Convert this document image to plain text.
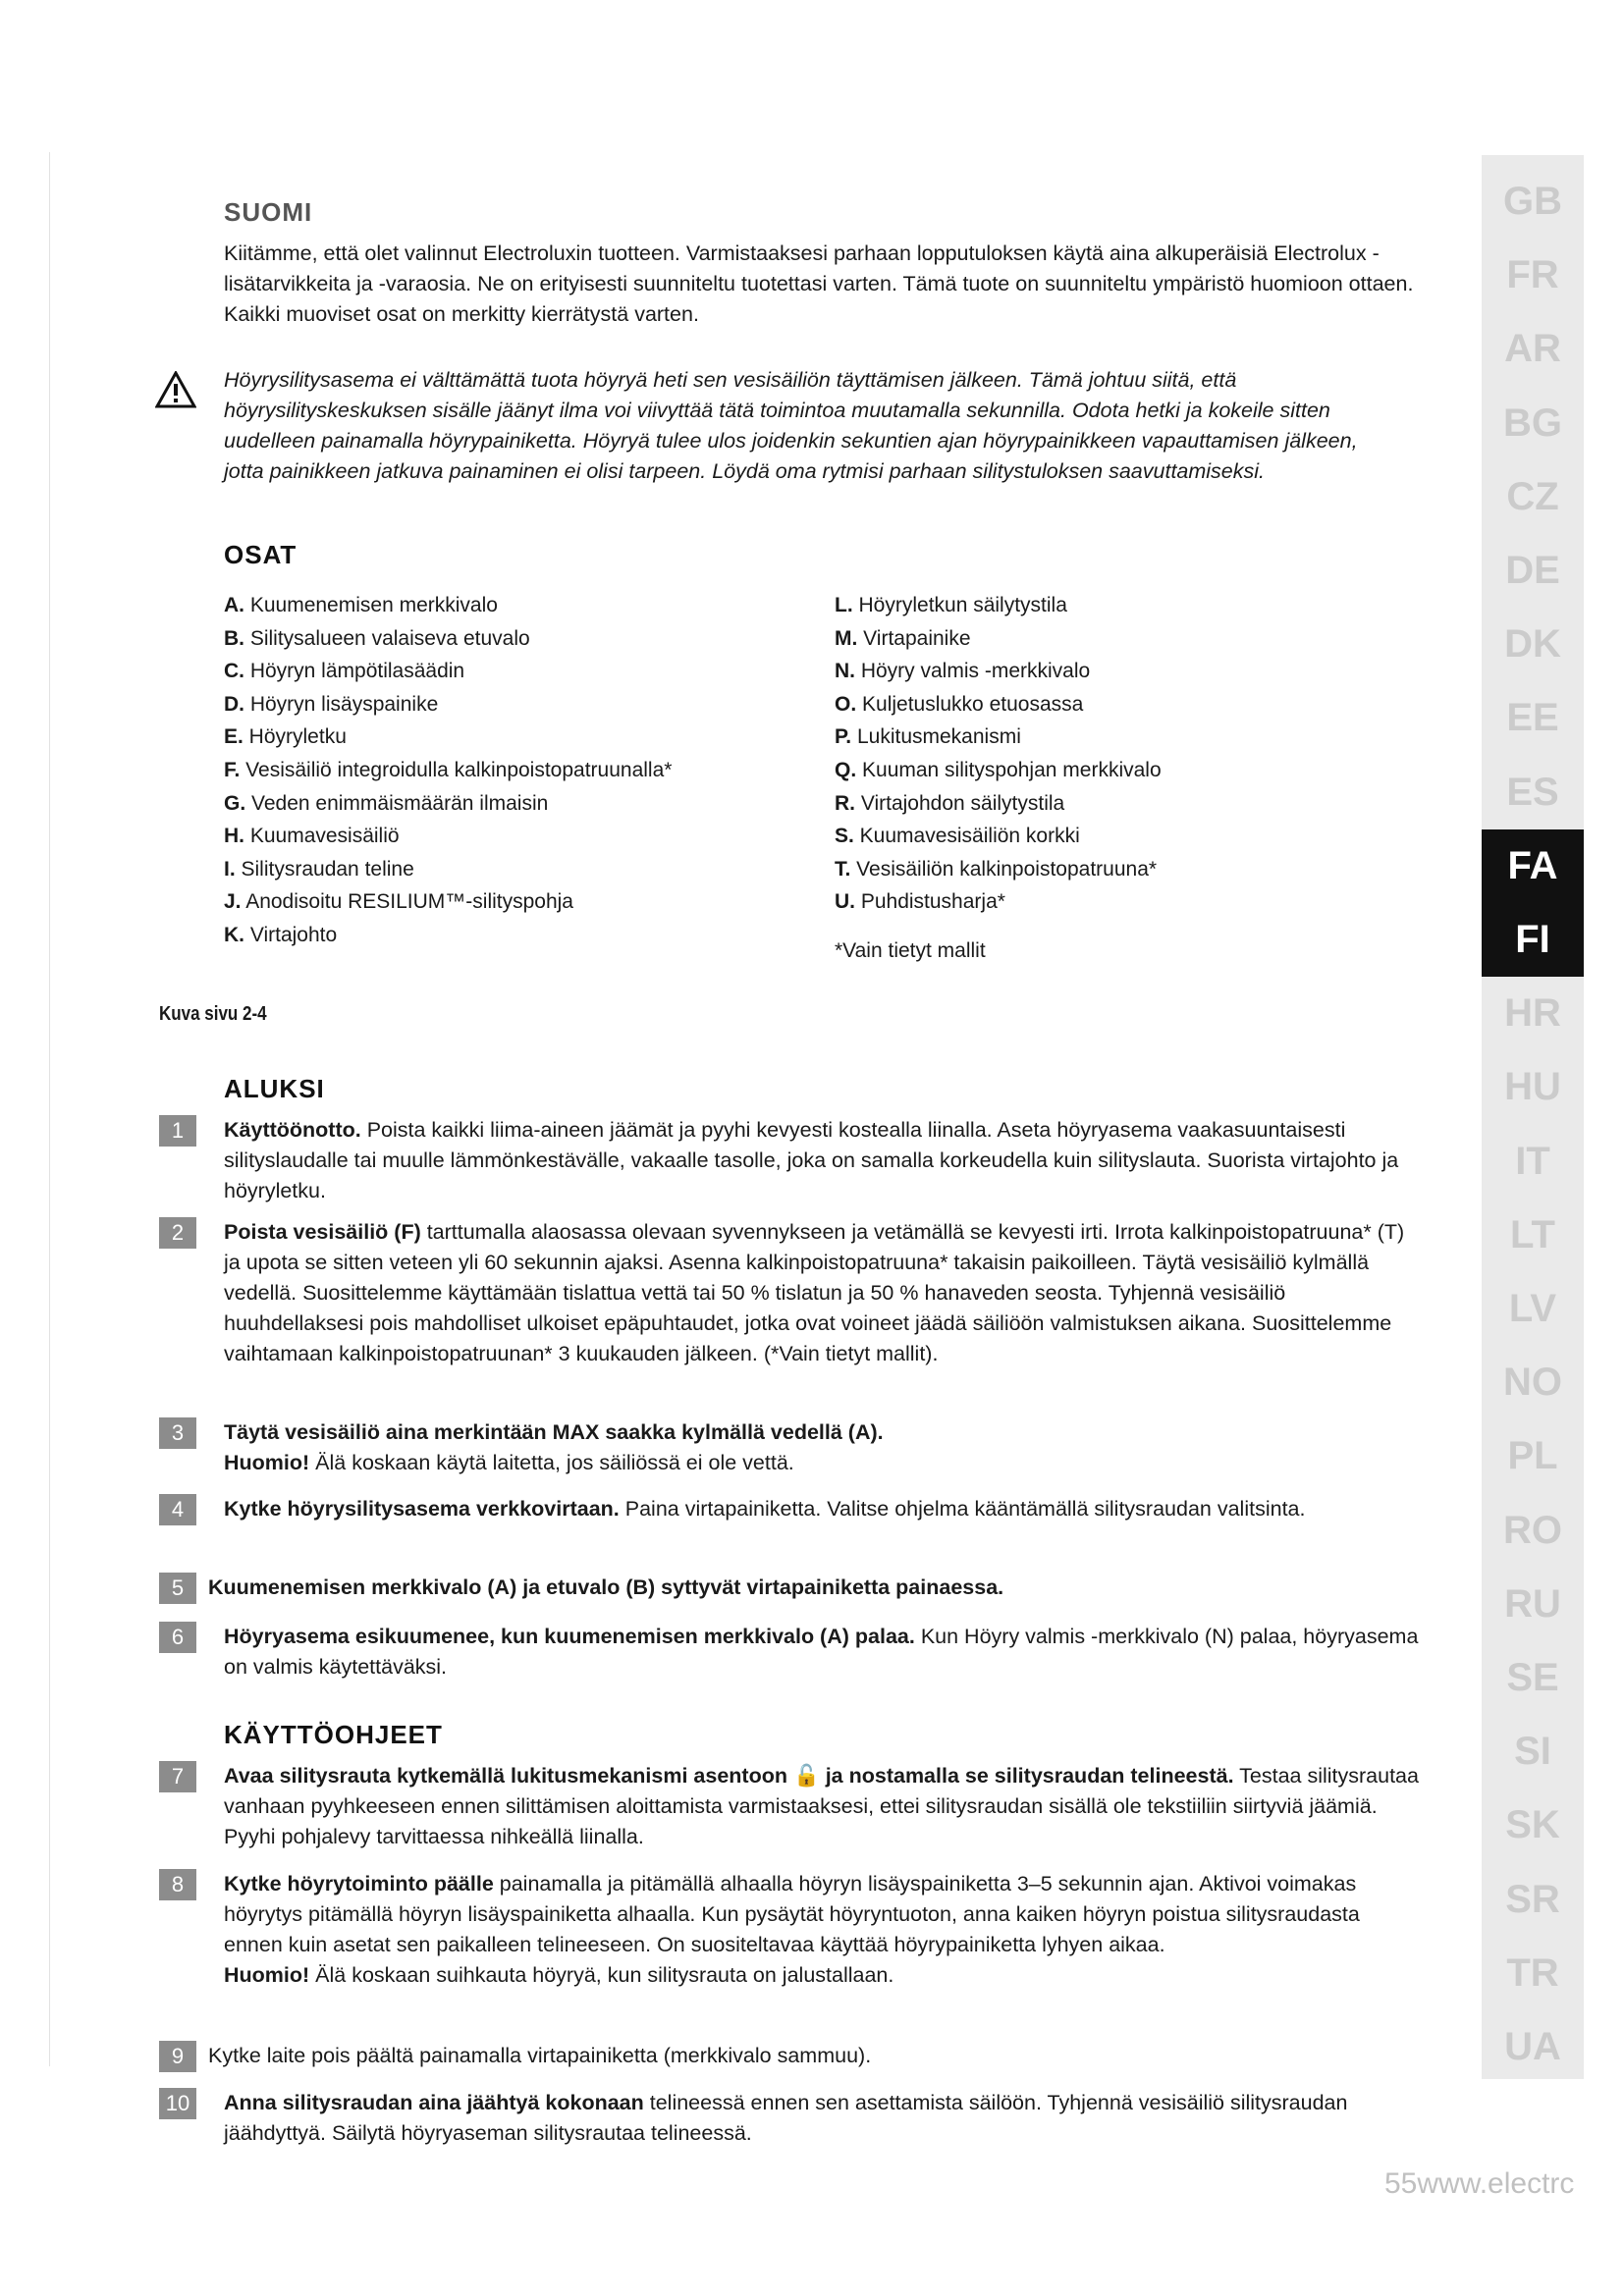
SUOMI
Kiitämme, että olet valinnut Electroluxin tuotteen. Varmistaaksesi parhaan lopputuloksen käytä aina alkuperäisiä Electrolux -lisätarvikkeita ja -varaosia. Ne on erityisesti suunniteltu tuotettasi varten. Tämä tuote on suunniteltu ympäristö huomioon ottaen. Kaikki muoviset osat on merkitty kierrätystä varten.
Höyrysilitysasema ei välttämättä tuota höyryä heti sen vesisäiliön täyttämisen jälkeen. Tämä johtuu siitä, että höyrysilityskeskuksen sisälle jäänyt ilma voi viivyttää tätä toimintoa muutamalla sekunnilla. Odota hetki ja kokeile sitten uudelleen painamalla höyrypainiketta. Höyryä tulee ulos joidenkin sekuntien ajan höyrypainikkeen vapauttamisen jälkeen, jotta painikkeen jatkuva painaminen ei olisi tarpeen. Löydä oma rytmisi parhaan silitystuloksen saavuttamiseksi.
OSAT
A. Kuumenemisen merkkivalo
B. Silitysalueen valaiseva etuvalo
C. Höyryn lämpötilasäädin
D. Höyryn lisäyspainike
E. Höyryletku
F. Vesisäiliö integroidulla kalkinpoistopatruunalla*
G. Veden enimmäismäärän ilmaisin
H. Kuumavesisäiliö
I. Silitysraudan teline
J. Anodisoitu RESILIUM™-silityspohja
K. Virtajohto
L. Höyryletkun säilytystila
M. Virtapainike
N. Höyry valmis -merkkivalo
O. Kuljetuslukko etuosassa
P. Lukitusmekanismi
Q. Kuuman silityspohjan merkkivalo
R. Virtajohdon säilytystila
S. Kuumavesisäiliön korkki
T. Vesisäiliön kalkinpoistopatruuna*
U. Puhdistusharja*
*Vain tietyt mallit
Kuva sivu 2-4
ALUKSI
KÄYTTÖOHJEET
1	Käyttöönotto. Poista kaikki liima-aineen jäämät ja pyyhi kevyesti kostealla liinalla. Aseta höyryasema vaakasuuntaisesti silityslaudalle tai muulle lämmönkestävälle, vakaalle tasolle, joka on samalla korkeudella kuin silityslauta. Suorista virtajohto ja höyryletku.
2	Poista vesisäiliö (F) tarttumalla alaosassa olevaan syvennykseen ja vetämällä se kevyesti irti. Irrota kalkinpoistopatruuna* (T) ja upota se sitten veteen yli 60 sekunnin ajaksi. Asenna kalkinpoistopatruuna* takaisin paikoilleen. Täytä vesisäiliö kylmällä vedellä. Suosittelemme käyttämään tislattua vettä tai 50 % tislatun ja 50 % hanaveden seosta. Tyhjennä vesisäiliö huuhdellaksesi pois mahdolliset ulkoiset epäpuhtaudet, jotka ovat voineet jäädä säiliöön valmistuksen aikana. Suosittelemme vaihtamaan kalkinpoistopatruunan* 3 kuukauden jälkeen. (*Vain tietyt mallit).
3	Täytä vesisäiliö aina merkintään MAX saakka kylmällä vedellä (A).
Huomio! Älä koskaan käytä laitetta, jos säiliössä ei ole vettä.
4	Kytke höyrysilitysasema verkkovirtaan. Paina virtapainiketta. Valitse ohjelma kääntämällä silitysraudan valitsinta.
5	Kuumenemisen merkkivalo (A) ja etuvalo (B) syttyvät virtapainiketta painaessa.
6	Höyryasema esikuumenee, kun kuumenemisen merkkivalo (A) palaa. Kun Höyry valmis -merkkivalo (N) palaa, höyryasema on valmis käytettäväksi.
7	Avaa silitysrauta kytkemällä lukitusmekanismi asentoon 🔓 ja nostamalla se silitysraudan telineestä. Testaa silitysrautaa vanhaan pyyhkeeseen ennen silittämisen aloittamista varmistaaksesi, ettei silitysraudan sisällä ole tekstiiliin siirtyviä jäämiä. Pyyhi pohjalevy tarvittaessa nihkeällä liinalla.
8	Kytke höyrytoiminto päälle painamalla ja pitämällä alhaalla höyryn lisäyspainiketta 3–5 sekunnin ajan. Aktivoi voimakas höyrytys pitämällä höyryn lisäyspainiketta alhaalla. Kun pysäytät höyryntuoton, anna kaiken höyryn poistua silitysraudasta ennen kuin asetat sen paikalleen telineeseen. On suositeltavaa käyttää höyrypainiketta lyhyen aikaa.
Huomio! Älä koskaan suihkauta höyryä, kun silitysrauta on jalustallaan.
9	Kytke laite pois päältä painamalla virtapainiketta (merkkivalo sammuu).
10	Anna silitysraudan aina jäähtyä kokonaan telineessä ennen sen asettamista säilöön. Tyhjennä vesisäiliö silitysraudan jäähdyttyä. Säilytä höyryaseman silitysrautaa telineessä.
GB
FR
AR
BG
CZ
DE
DK
EE
ES
FA
FI
HR
HU
IT
LT
LV
NO
PL
RO
RU
SE
SI
SK
SR
TR
UA
55www.electrc
